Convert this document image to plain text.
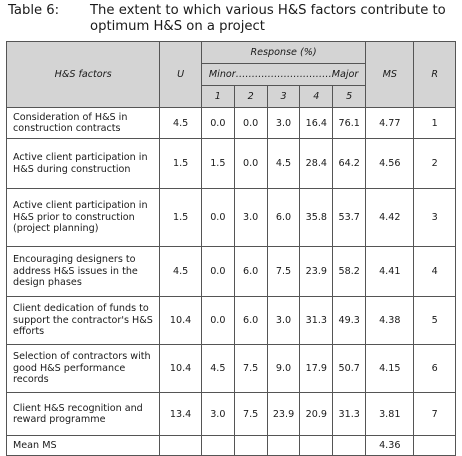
Table 6: The extent to which various H&S factors contribute to optimum H&S on a project
H&S factors	U	Response (%)					MS	R

		Minor ………………………… Major						

		1	2	3	4	5		
Consideration of H&S in construction contracts	4.5	0.0	0.0	3.0	16.4	76.1	4.77	1
Active client participation in H&S during construction	1.5	1.5	0.0	4.5	28.4	64.2	4.56	2
Active client participation in H&S prior to construction (project planning)	1.5	0.0	3.0	6.0	35.8	53.7	4.42	3
Encouraging designers to address H&S issues in the design phases	4.5	0.0	6.0	7.5	23.9	58.2	4.41	4
Client dedication of funds to support the contractor's H&S efforts	10.4	0.0	6.0	3.0	31.3	49.3	4.38	5
Selection of contractors with good H&S performance records	10.4	4.5	7.5	9.0	17.9	50.7	4.15	6
Client H&S recognition and reward programme	13.4	3.0	7.5	23.9	20.9	31.3	3.81	7
Mean MS							4.36	
